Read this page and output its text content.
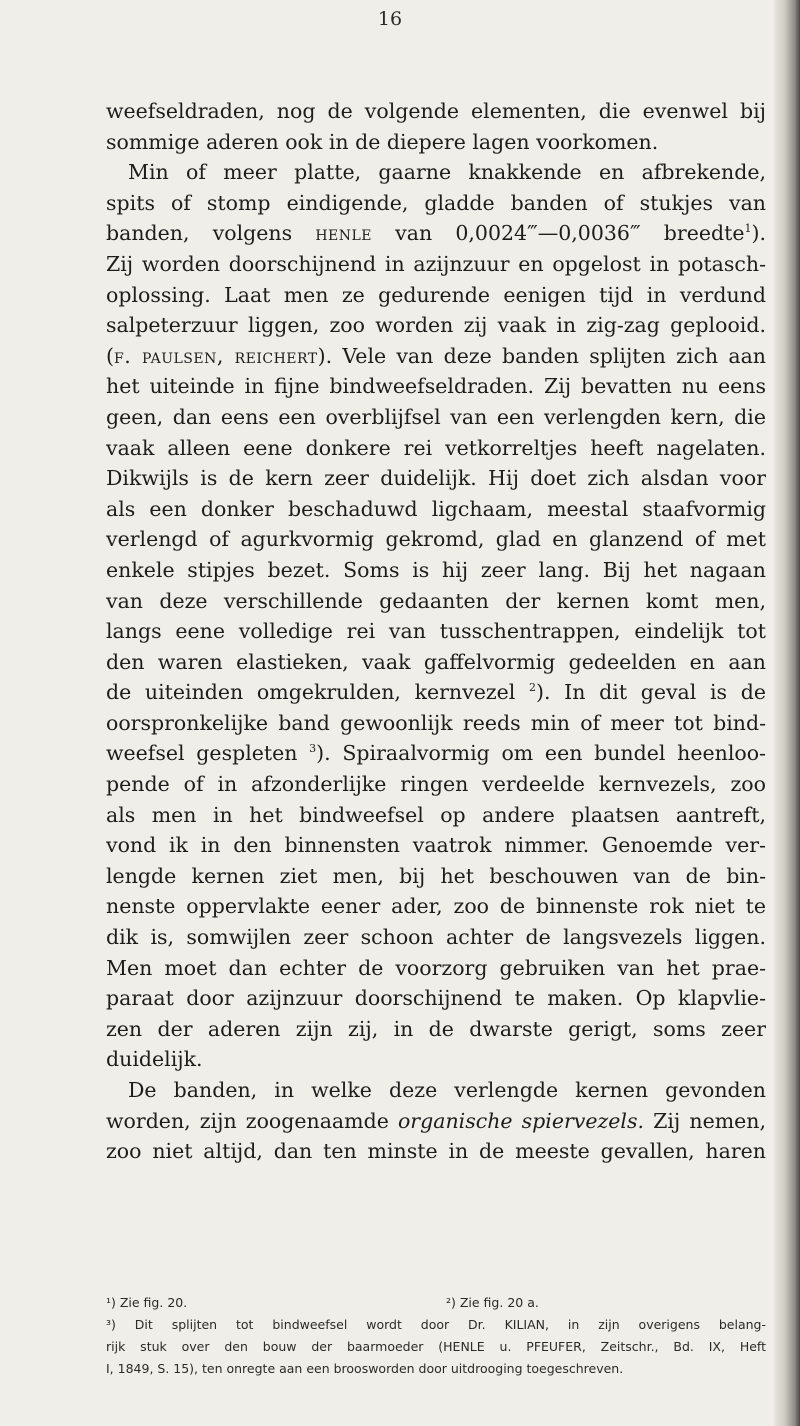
16
weefseldraden, nog de volgende elementen, die evenwel bij
sommige aderen ook in de diepere lagen voorkomen.
Min of meer platte, gaarne knakkende en afbrekende,
spits of stomp eindigende, gladde banden of stukjes van
banden, volgens henle van 0,0024‴—0,0036‴ breedte$^1$).
Zij worden doorschijnend in azijnzuur en opgelost in potasch-
oplossing. Laat men ze gedurende eenigen tijd in verdund
salpeterzuur liggen, zoo worden zij vaak in zig-zag geplooid.
(f. paulsen, reichert). Vele van deze banden splijten zich aan
het uiteinde in fijne bindweefseldraden. Zij bevatten nu eens
geen, dan eens een overblijfsel van een verlengden kern, die
vaak alleen eene donkere rei vetkorreltjes heeft nagelaten.
Dikwijls is de kern zeer duidelijk. Hij doet zich alsdan voor
als een donker beschaduwd ligchaam, meestal staafvormig
verlengd of agurkvormig gekromd, glad en glanzend of met
enkele stipjes bezet. Soms is hij zeer lang. Bij het nagaan
van deze verschillende gedaanten der kernen komt men,
langs eene volledige rei van tusschentrappen, eindelijk tot
den waren elastieken, vaak gaffelvormig gedeelden en aan
de uiteinden omgekrulden, kernvezel $^2$). In dit geval is de
oorspronkelijke band gewoonlijk reeds min of meer tot bind-
weefsel gespleten $^3$). Spiraalvormig om een bundel heenloo-
pende of in afzonderlijke ringen verdeelde kernvezels, zoo
als men in het bindweefsel op andere plaatsen aantreft,
vond ik in den binnensten vaatrok nimmer. Genoemde ver-
lengde kernen ziet men, bij het beschouwen van de bin-
nenste oppervlakte eener ader, zoo de binnenste rok niet te
dik is, somwijlen zeer schoon achter de langsvezels liggen.
Men moet dan echter de voorzorg gebruiken van het prae-
paraat door azijnzuur doorschijnend te maken. Op klapvlie-
zen der aderen zijn zij, in de dwarste gerigt, soms zeer
duidelijk.
De banden, in welke deze verlengde kernen gevonden
worden, zijn zoogenaamde organische spiervezels. Zij nemen,
zoo niet altijd, dan ten minste in de meeste gevallen, haren
¹) Zie fig. 20.	²) Zie fig. 20 a.
³) Dit splijten tot bindweefsel wordt door Dr. KILIAN, in zijn overigens belang-
rijk stuk over den bouw der baarmoeder (HENLE u. PFEUFER, Zeitschr., Bd. IX, Heft
I, 1849, S. 15), ten onregte aan een broosworden door uitdrooging toegeschreven.
